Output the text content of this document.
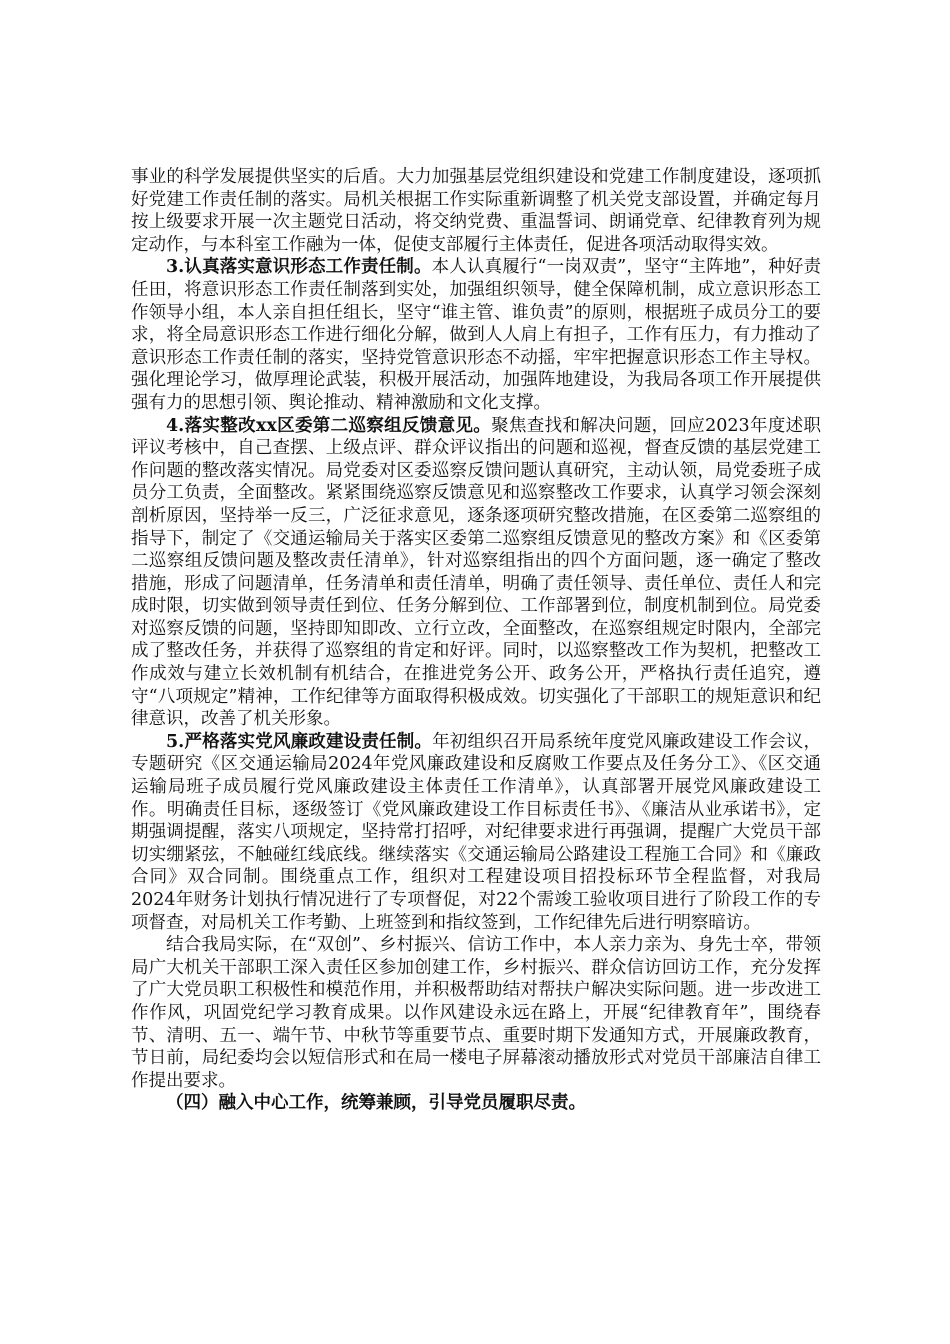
事业的科学发展提供坚实的后盾。大力加强基层党组织建设和党建工作制度建设，逐项抓好党建工作责任制的落实。局机关根据工作实际重新调整了机关党支部设置，并确定每月按上级要求开展一次主题党日活动，将交纳党费、重温誓词、朗诵党章、纪律教育列为规定动作，与本科室工作融为一体，促使支部履行主体责任，促进各项活动取得实效。

3.认真落实意识形态工作责任制。本人认真履行“一岗双责”，坚守“主阵地”，种好责任田，将意识形态工作责任制落到实处，加强组织领导，健全保障机制，成立意识形态工作领导小组，本人亲自担任组长，坚守“谁主管、谁负责”的原则，根据班子成员分工的要求，将全局意识形态工作进行细化分解，做到人人肩上有担子，工作有压力，有力推动了意识形态工作责任制的落实，坚持党管意识形态不动摇，牢牢把握意识形态工作主导权。强化理论学习，做厚理论武装，积极开展活动，加强阵地建设，为我局各项工作开展提供强有力的思想引领、舆论推动、精神激励和文化支撑。

4.落实整改xx区委第二巡察组反馈意见。聚焦查找和解决问题，回应2023年度述职评议考核中，自己查摆、上级点评、群众评议指出的问题和巡视，督查反馈的基层党建工作问题的整改落实情况。局党委对区委巡察反馈问题认真研究，主动认领，局党委班子成员分工负责，全面整改。紧紧围绕巡察反馈意见和巡察整改工作要求，认真学习领会深刻剖析原因，坚持举一反三，广泛征求意见，逐条逐项研究整改措施，在区委第二巡察组的指导下，制定了《交通运输局关于落实区委第二巡察组反馈意见的整改方案》和《区委第二巡察组反馈问题及整改责任清单》，针对巡察组指出的四个方面问题，逐一确定了整改措施，形成了问题清单，任务清单和责任清单，明确了责任领导、责任单位、责任人和完成时限，切实做到领导责任到位、任务分解到位、工作部署到位，制度机制到位。局党委对巡察反馈的问题，坚持即知即改、立行立改，全面整改，在巡察组规定时限内，全部完成了整改任务，并获得了巡察组的肯定和好评。同时，以巡察整改工作为契机，把整改工作成效与建立长效机制有机结合，在推进党务公开、政务公开，严格执行责任追究，遵守“八项规定”精神，工作纪律等方面取得积极成效。切实强化了干部职工的规矩意识和纪律意识，改善了机关形象。

5.严格落实党风廉政建设责任制。年初组织召开局系统年度党风廉政建设工作会议，专题研究《区交通运输局2024年党风廉政建设和反腐败工作要点及任务分工》、《区交通运输局班子成员履行党风廉政建设主体责任工作清单》，认真部署开展党风廉政建设工作。明确责任目标，逐级签订《党风廉政建设工作目标责任书》、《廉洁从业承诺书》，定期强调提醒，落实八项规定，坚持常打招呼，对纪律要求进行再强调，提醒广大党员干部切实绷紧弦，不触碰红线底线。继续落实《交通运输局公路建设工程施工合同》和《廉政合同》双合同制。围绕重点工作，组织对工程建设项目招投标环节全程监督，对我局2024年财务计划执行情况进行了专项督促，对22个需竣工验收项目进行了阶段工作的专项督查，对局机关工作考勤、上班签到和指纹签到，工作纪律先后进行明察暗访。

结合我局实际，在“双创”、乡村振兴、信访工作中，本人亲力亲为、身先士卒，带领局广大机关干部职工深入责任区参加创建工作，乡村振兴、群众信访回访工作，充分发挥了广大党员职工积极性和模范作用，并积极帮助结对帮扶户解决实际问题。进一步改进工作作风，巩固党纪学习教育成果。以作风建设永远在路上，开展“纪律教育年”，围绕春节、清明、五一、端午节、中秋节等重要节点、重要时期下发通知方式，开展廉政教育，节日前，局纪委均会以短信形式和在局一楼电子屏幕滚动播放形式对党员干部廉洁自律工作提出要求。

（四）融入中心工作，统筹兼顾，引导党员履职尽责。
